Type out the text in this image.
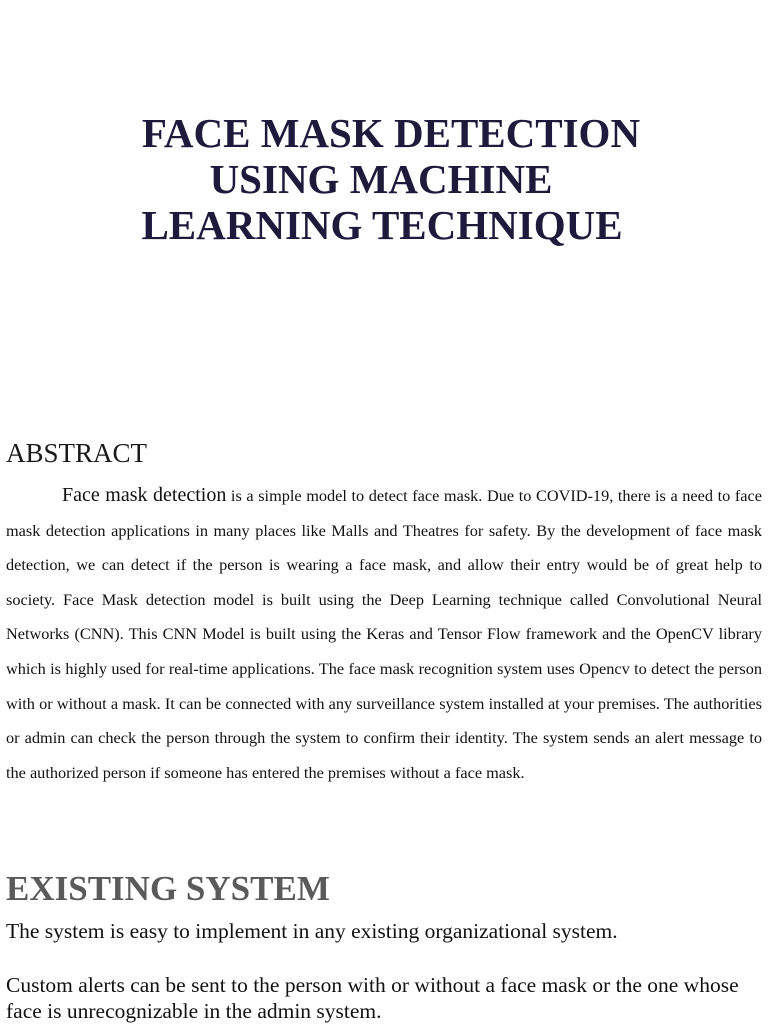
FACE MASK DETECTION
USING MACHINE
LEARNING TECHNIQUE
ABSTRACT

Face mask detection is a simple model to detect face mask. Due to COVID-19, there is a need to face mask detection applications in many places like Malls and Theatres for safety. By the development of face mask detection, we can detect if the person is wearing a face mask, and allow their entry would be of great help to society. Face Mask detection model is built using the Deep Learning technique called Convolutional Neural Networks (CNN). This CNN Model is built using the Keras and Tensor Flow framework and the OpenCV library which is highly used for real-time applications. The face mask recognition system uses Opencv to detect the person with or without a mask. It can be connected with any surveillance system installed at your premises. The authorities or admin can check the person through the system to confirm their identity. The system sends an alert message to the authorized person if someone has entered the premises without a face mask.

EXISTING SYSTEM

The system is easy to implement in any existing organizational system.

Custom alerts can be sent to the person with or without a face mask or the one whose face is unrecognizable in the admin system.
